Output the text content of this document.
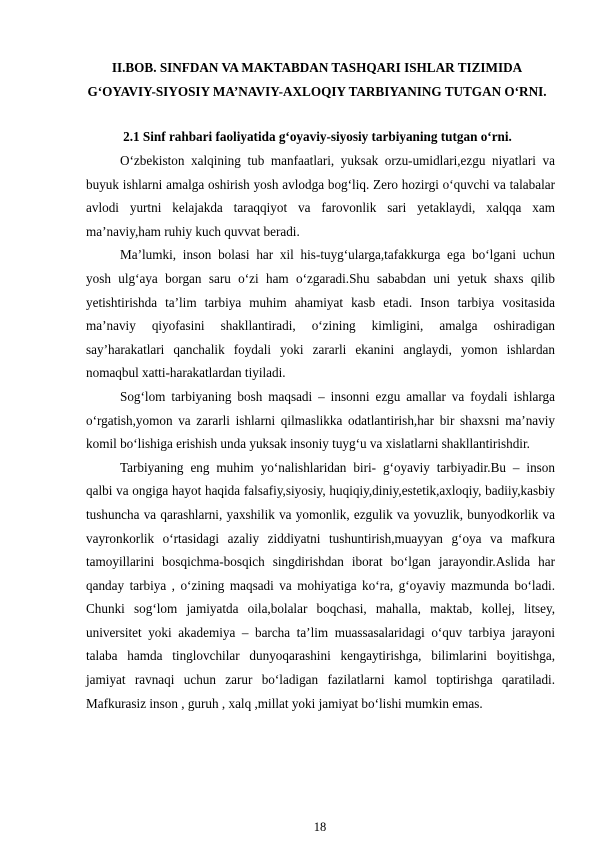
II.BOB. SINFDAN VA MAKTABDAN TASHQARI ISHLAR TIZIMIDA G‘OYAVIY-SIYOSIY MA’NAVIY-AXLOQIY TARBIYANING TUTGAN O‘RNI.
2.1 Sinf rahbari faoliyatida g‘oyaviy-siyosiy tarbiyaning tutgan o‘rni.

O‘zbekiston xalqining tub manfaatlari, yuksak orzu-umidlari,ezgu niyatlari va buyuk ishlarni amalga oshirish yosh avlodga bog‘liq. Zero hozirgi o‘quvchi va talabalar avlodi yurtni kelajakda taraqqiyot va farovonlik sari yetaklaydi, xalqqa xam ma’naviy,ham ruhiy kuch quvvat beradi.

Ma’lumki, inson bolasi har xil his-tuyg‘ularga,tafakkurga ega bo‘lgani uchun yosh ulg‘aya borgan saru o‘zi ham o‘zgaradi.Shu sababdan uni yetuk shaxs qilib yetishtirishda ta’lim tarbiya muhim ahamiyat kasb etadi. Inson tarbiya vositasida ma’naviy qiyofasini shakllantiradi, o‘zining kimligini, amalga oshiradigan say’harakatlari qanchalik foydali yoki zararli ekanini anglaydi, yomon ishlardan nomaqbul xatti-harakatlardan tiyiladi.

Sog‘lom tarbiyaning bosh maqsadi – insonni ezgu amallar va foydali ishlarga o‘rgatish,yomon va zararli ishlarni qilmaslikka odatlantirish,har bir shaxsni ma’naviy komil bo‘lishiga erishish unda yuksak insoniy tuyg‘u va xislatlarni shakllantirishdir.

Tarbiyaning eng muhim yo‘nalishlaridan biri- g‘oyaviy tarbiyadir.Bu – inson qalbi va ongiga hayot haqida falsafiy,siyosiy, huqiqiy,diniy,estetik,axloqiy, badiiy,kasbiy tushuncha va qarashlarni, yaxshilik va yomonlik, ezgulik va yovuzlik, bunyodkorlik va vayronkorlik o‘rtasidagi azaliy ziddiyatni tushuntirish,muayyan g‘oya va mafkura tamoyillarini bosqichma-bosqich singdirishdan iborat bo‘lgan jarayondir.Aslida har qanday tarbiya , o‘zining maqsadi va mohiyatiga ko‘ra, g‘oyaviy mazmunda bo‘ladi. Chunki sog‘lom jamiyatda oila,bolalar boqchasi, mahalla, maktab, kollej, litsey, universitet yoki akademiya – barcha ta’lim muassasalaridagi o‘quv tarbiya jarayoni talaba hamda tinglovchilar dunyoqarashini kengaytirishga, bilimlarini boyitishga, jamiyat ravnaqi uchun zarur bo‘ladigan fazilatlarni kamol toptirishga qaratiladi. Mafkurasiz inson , guruh , xalq ,millat yoki jamiyat bo‘lishi mumkin emas.

18
